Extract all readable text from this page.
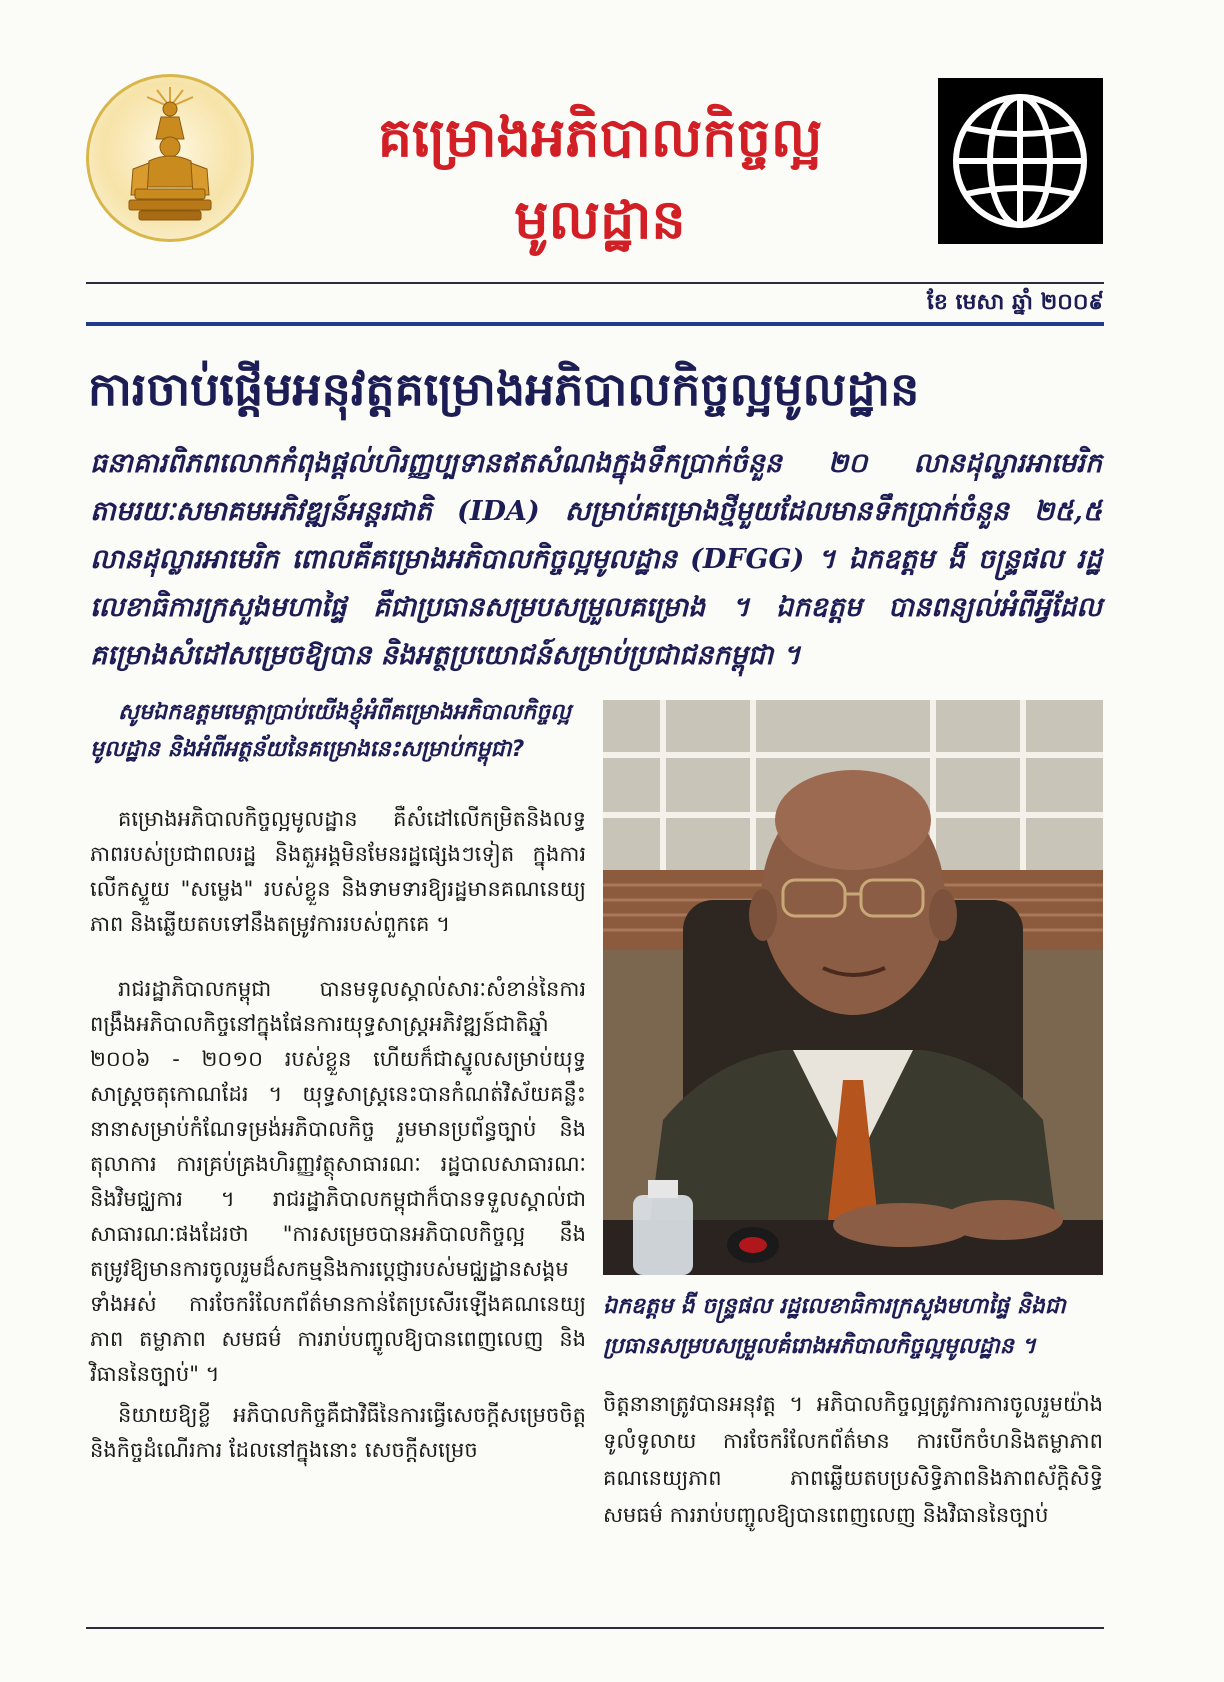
គម្រោងអភិបាលកិច្ចល្អ
មូលដ្ឋាន
ខែ មេសា ឆ្នាំ ២០០៩
ការចាប់ផ្តើមអនុវត្តគម្រោងអភិបាលកិច្ចល្អមូលដ្ឋាន
ធនាគារពិភពលោកកំពុងផ្តល់ហិរញ្ញប្បទានឥតសំណងក្នុងទឹកប្រាក់ចំនួន ២០ លានដុល្លារអាមេរិក តាមរយៈសមាគមអភិវឌ្ឍន៍អន្តរជាតិ (IDA) សម្រាប់គម្រោងថ្មីមួយដែលមានទឹកប្រាក់ចំនួន ២៥,៥ លានដុល្លារអាមេរិក ពោលគឺគម្រោងអភិបាលកិច្ចល្អមូលដ្ឋាន (DFGG) ។ ឯកឧត្តម ងី ចន្ទ្រផល រដ្ឋលេខាធិការក្រសួងមហាផ្ទៃ គឺជាប្រធានសម្របសម្រួលគម្រោង ។ ឯកឧត្តម បានពន្យល់អំពីអ្វីដែលគម្រោងសំដៅសម្រេចឱ្យបាន និងអត្ថប្រយោជន៍សម្រាប់ប្រជាជនកម្ពុជា ។

សូមឯកឧត្តមមេត្តាប្រាប់យើងខ្ញុំអំពីគម្រោងអភិបាលកិច្ចល្អមូលដ្ឋាន និងអំពីអត្ថន័យនៃគម្រោងនេះសម្រាប់កម្ពុជា?

គម្រោងអភិបាលកិច្ចល្អមូលដ្ឋាន គឺសំដៅលើកម្រិតនិងលទ្ធភាពរបស់ប្រជាពលរដ្ឋ និងតួអង្គមិនមែនរដ្ឋផ្សេងៗទៀត ក្នុងការលើកស្ទួយ "សម្លេង" របស់ខ្លួន និងទាមទារឱ្យរដ្ឋមានគណនេយ្យភាព និងឆ្លើយតបទៅនឹងតម្រូវការរបស់ពួកគេ ។

រាជរដ្ឋាភិបាលកម្ពុជា បានមទូលស្គាល់សារៈសំខាន់នៃការពង្រឹងអភិបាលកិច្ចនៅក្នុងផែនការយុទ្ធសាស្ត្រអភិវឌ្ឍន៍ជាតិឆ្នាំ ២០០៦ - ២០១០ របស់ខ្លួន ហើយក៏ជាស្នូលសម្រាប់យុទ្ធសាស្ត្រចតុកោណដែរ ។ យុទ្ធសាស្ត្រនេះបានកំណត់វិស័យគន្លឹះនានាសម្រាប់កំណែទម្រង់អភិបាលកិច្ច រួមមានប្រព័ន្ធច្បាប់ និងតុលាការ ការគ្រប់គ្រងហិរញ្ញវត្ថុសាធារណៈ រដ្ឋបាលសាធារណៈ និងវិមជ្ឈការ ។ រាជរដ្ឋាភិបាលកម្ពុជាក៏បានទទួលស្គាល់ជាសាធារណៈផងដែរថា "ការសម្រេចបានអភិបាលកិច្ចល្អ នឹងតម្រូវឱ្យមានការចូលរួមដ៏សកម្មនិងការប្តេជ្ញារបស់មជ្ឈដ្ឋានសង្គមទាំងអស់ ការចែករំលែកព័ត៌មានកាន់តែប្រសើរឡើងគណនេយ្យភាព តម្លាភាព សមធម៌ ការរាប់បញ្ចូលឱ្យបានពេញលេញ និងវិធាននៃច្បាប់" ។

និយាយឱ្យខ្លី អភិបាលកិច្ចគឺជាវិធីនៃការធ្វើសេចក្តីសម្រេចចិត្ត និងកិច្ចដំណើរការ ដែលនៅក្នុងនោះ សេចក្តីសម្រេច

ឯកឧត្តម ងី ចន្ទ្រផល រដ្ឋលេខាធិការក្រសួងមហាផ្ទៃ និងជាប្រធានសម្របសម្រួលគំរោងអភិបាលកិច្ចល្អមូលដ្ឋាន ។
ចិត្តនានាត្រូវបានអនុវត្ត ។ អភិបាលកិច្ចល្អត្រូវការការចូលរួមយ៉ាងទូលំទូលាយ ការចែករំលែកព័ត៌មាន ការបើកចំហនិងតម្លាភាព គណនេយ្យភាព ភាពឆ្លើយតបប្រសិទ្ធិភាពនិងភាពស័ក្តិសិទ្ធិ សមធម៌ ការរាប់បញ្ចូលឱ្យបានពេញលេញ និងវិធាននៃច្បាប់
